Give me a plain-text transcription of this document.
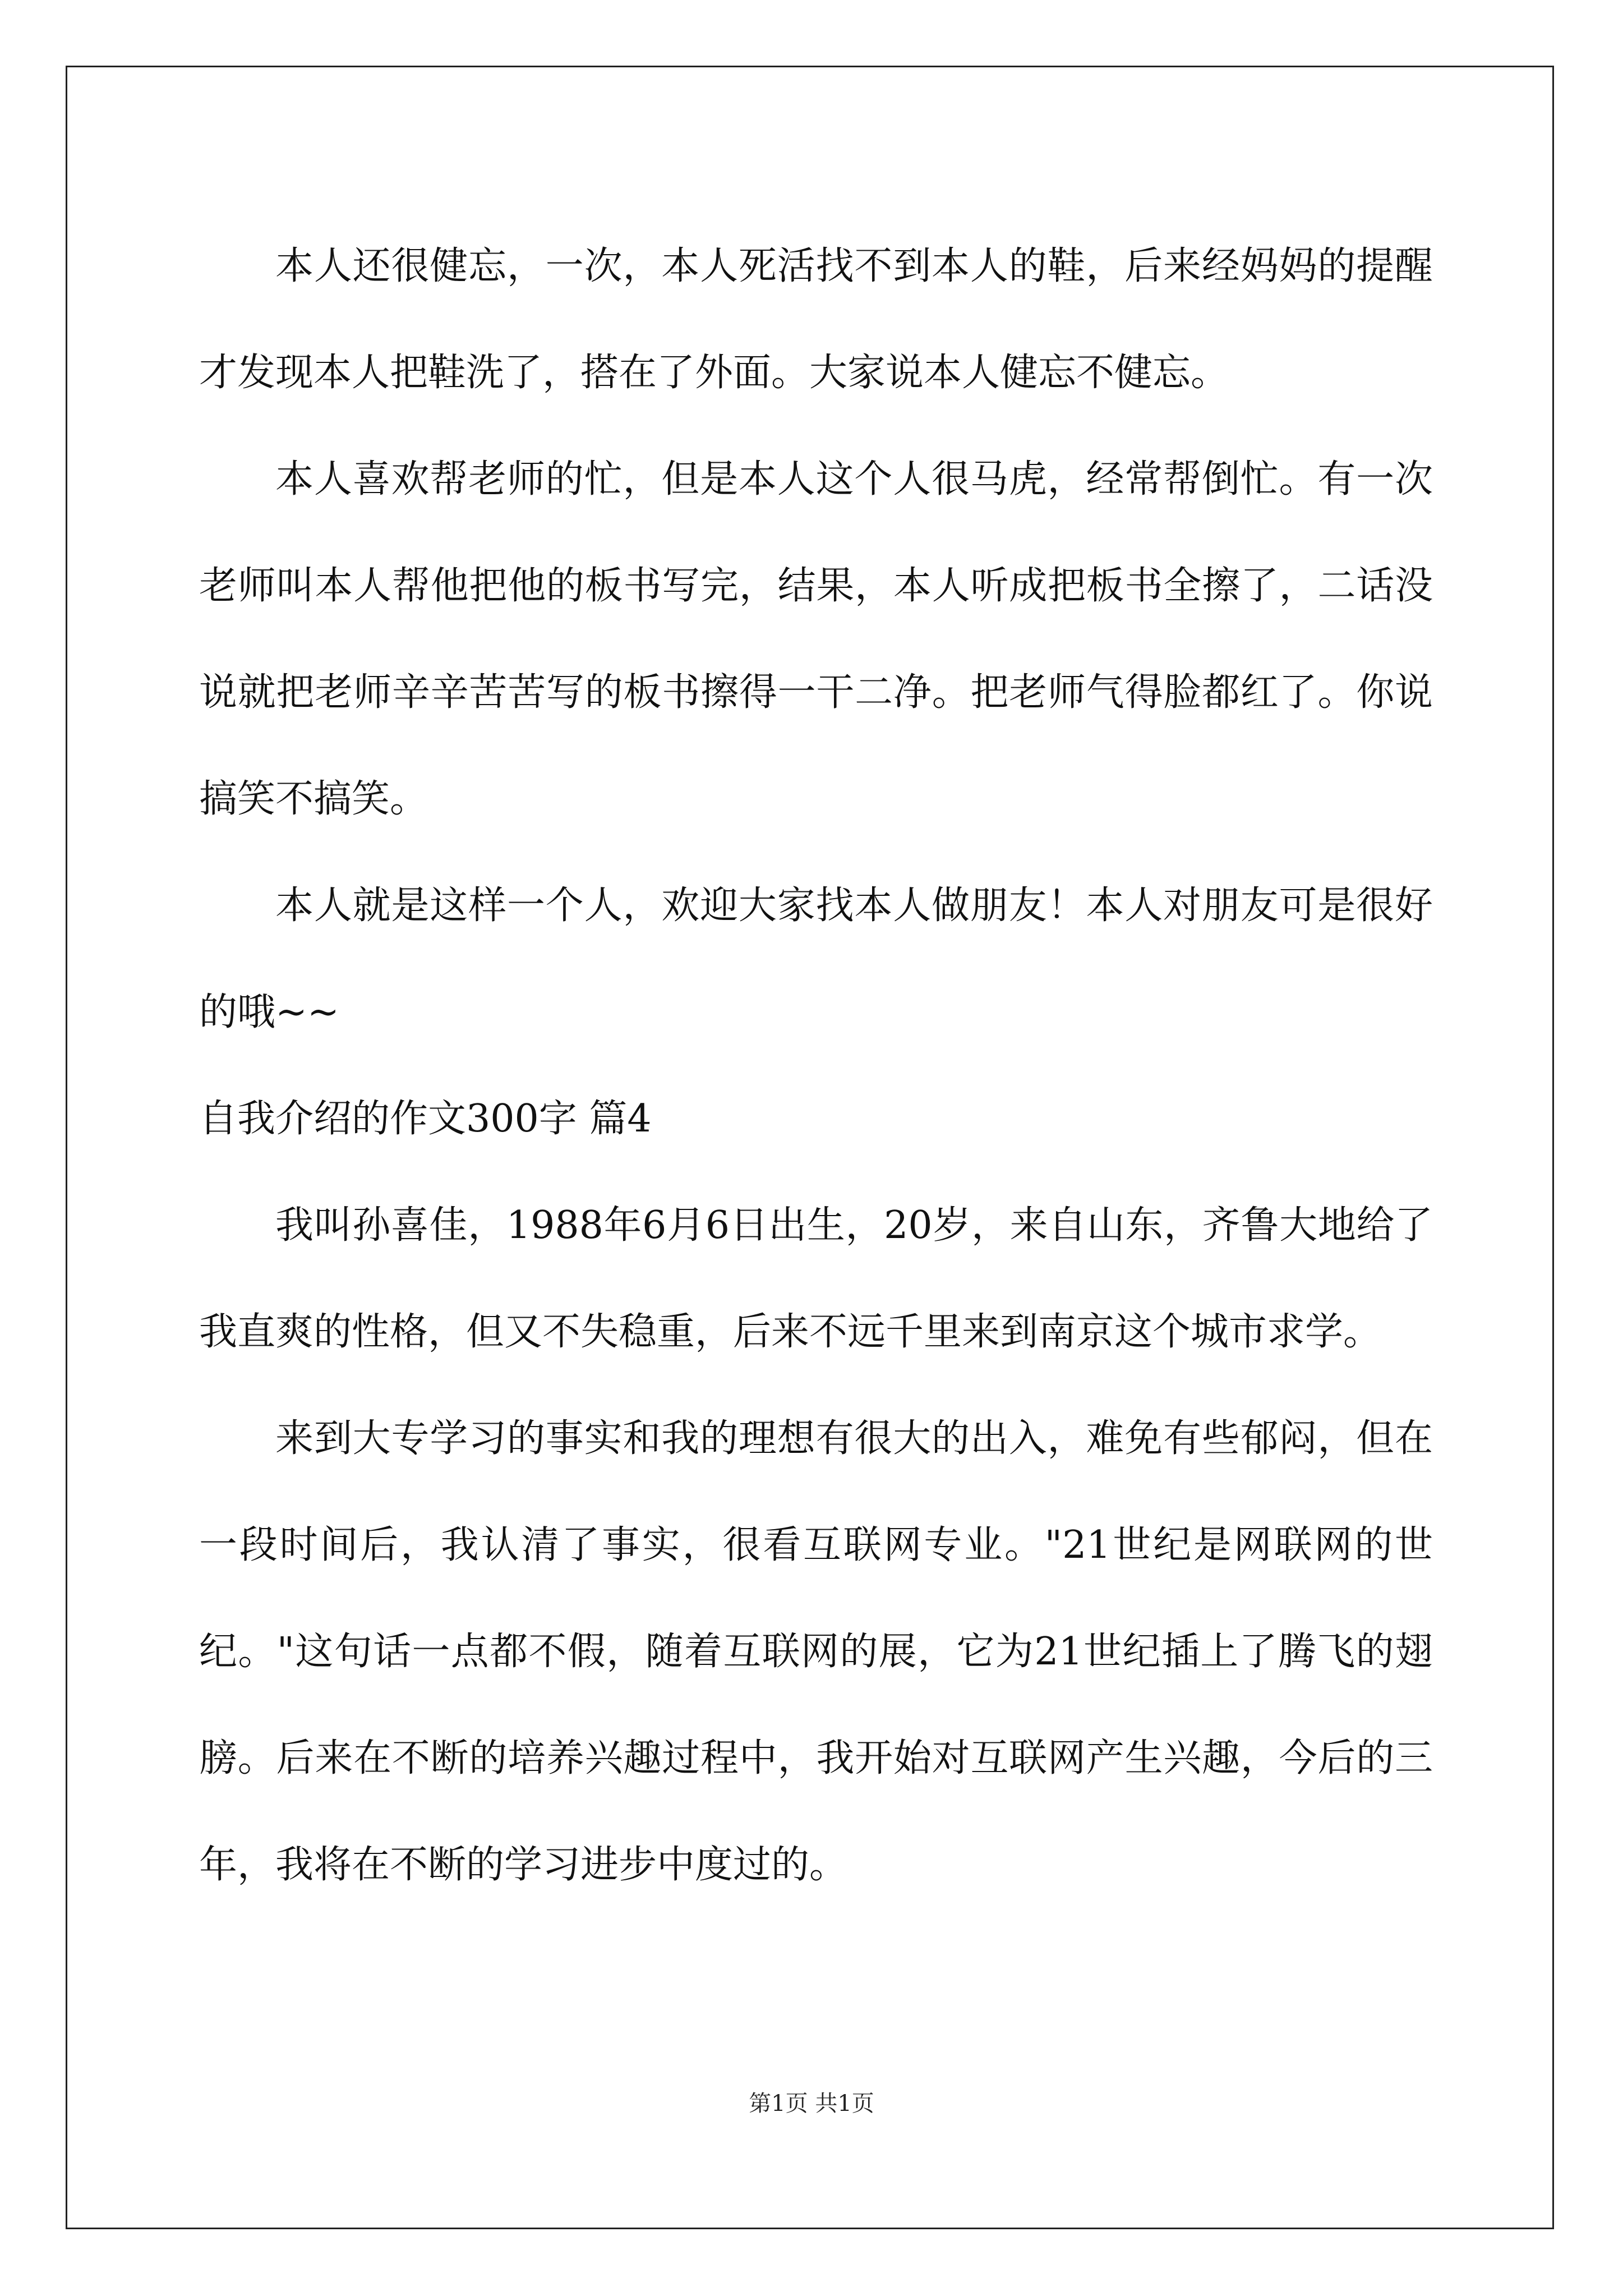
本人还很健忘，一次，本人死活找不到本人的鞋，后来经妈妈的提醒才发现本人把鞋洗了，搭在了外面。大家说本人健忘不健忘。

本人喜欢帮老师的忙，但是本人这个人很马虎，经常帮倒忙。有一次老师叫本人帮他把他的板书写完，结果，本人听成把板书全擦了，二话没说就把老师辛辛苦苦写的板书擦得一干二净。把老师气得脸都红了。你说搞笑不搞笑。

本人就是这样一个人，欢迎大家找本人做朋友！本人对朋友可是很好的哦~~

自我介绍的作文300字 篇4

我叫孙喜佳，1988年6月6日出生，20岁，来自山东，齐鲁大地给了我直爽的性格，但又不失稳重，后来不远千里来到南京这个城市求学。

来到大专学习的事实和我的理想有很大的出入，难免有些郁闷，但在一段时间后，我认清了事实，很看互联网专业。"21世纪是网联网的世纪。"这句话一点都不假，随着互联网的展，它为21世纪插上了腾飞的翅膀。后来在不断的培养兴趣过程中，我开始对互联网产生兴趣，今后的三年，我将在不断的学习进步中度过的。

第1页 共1页
